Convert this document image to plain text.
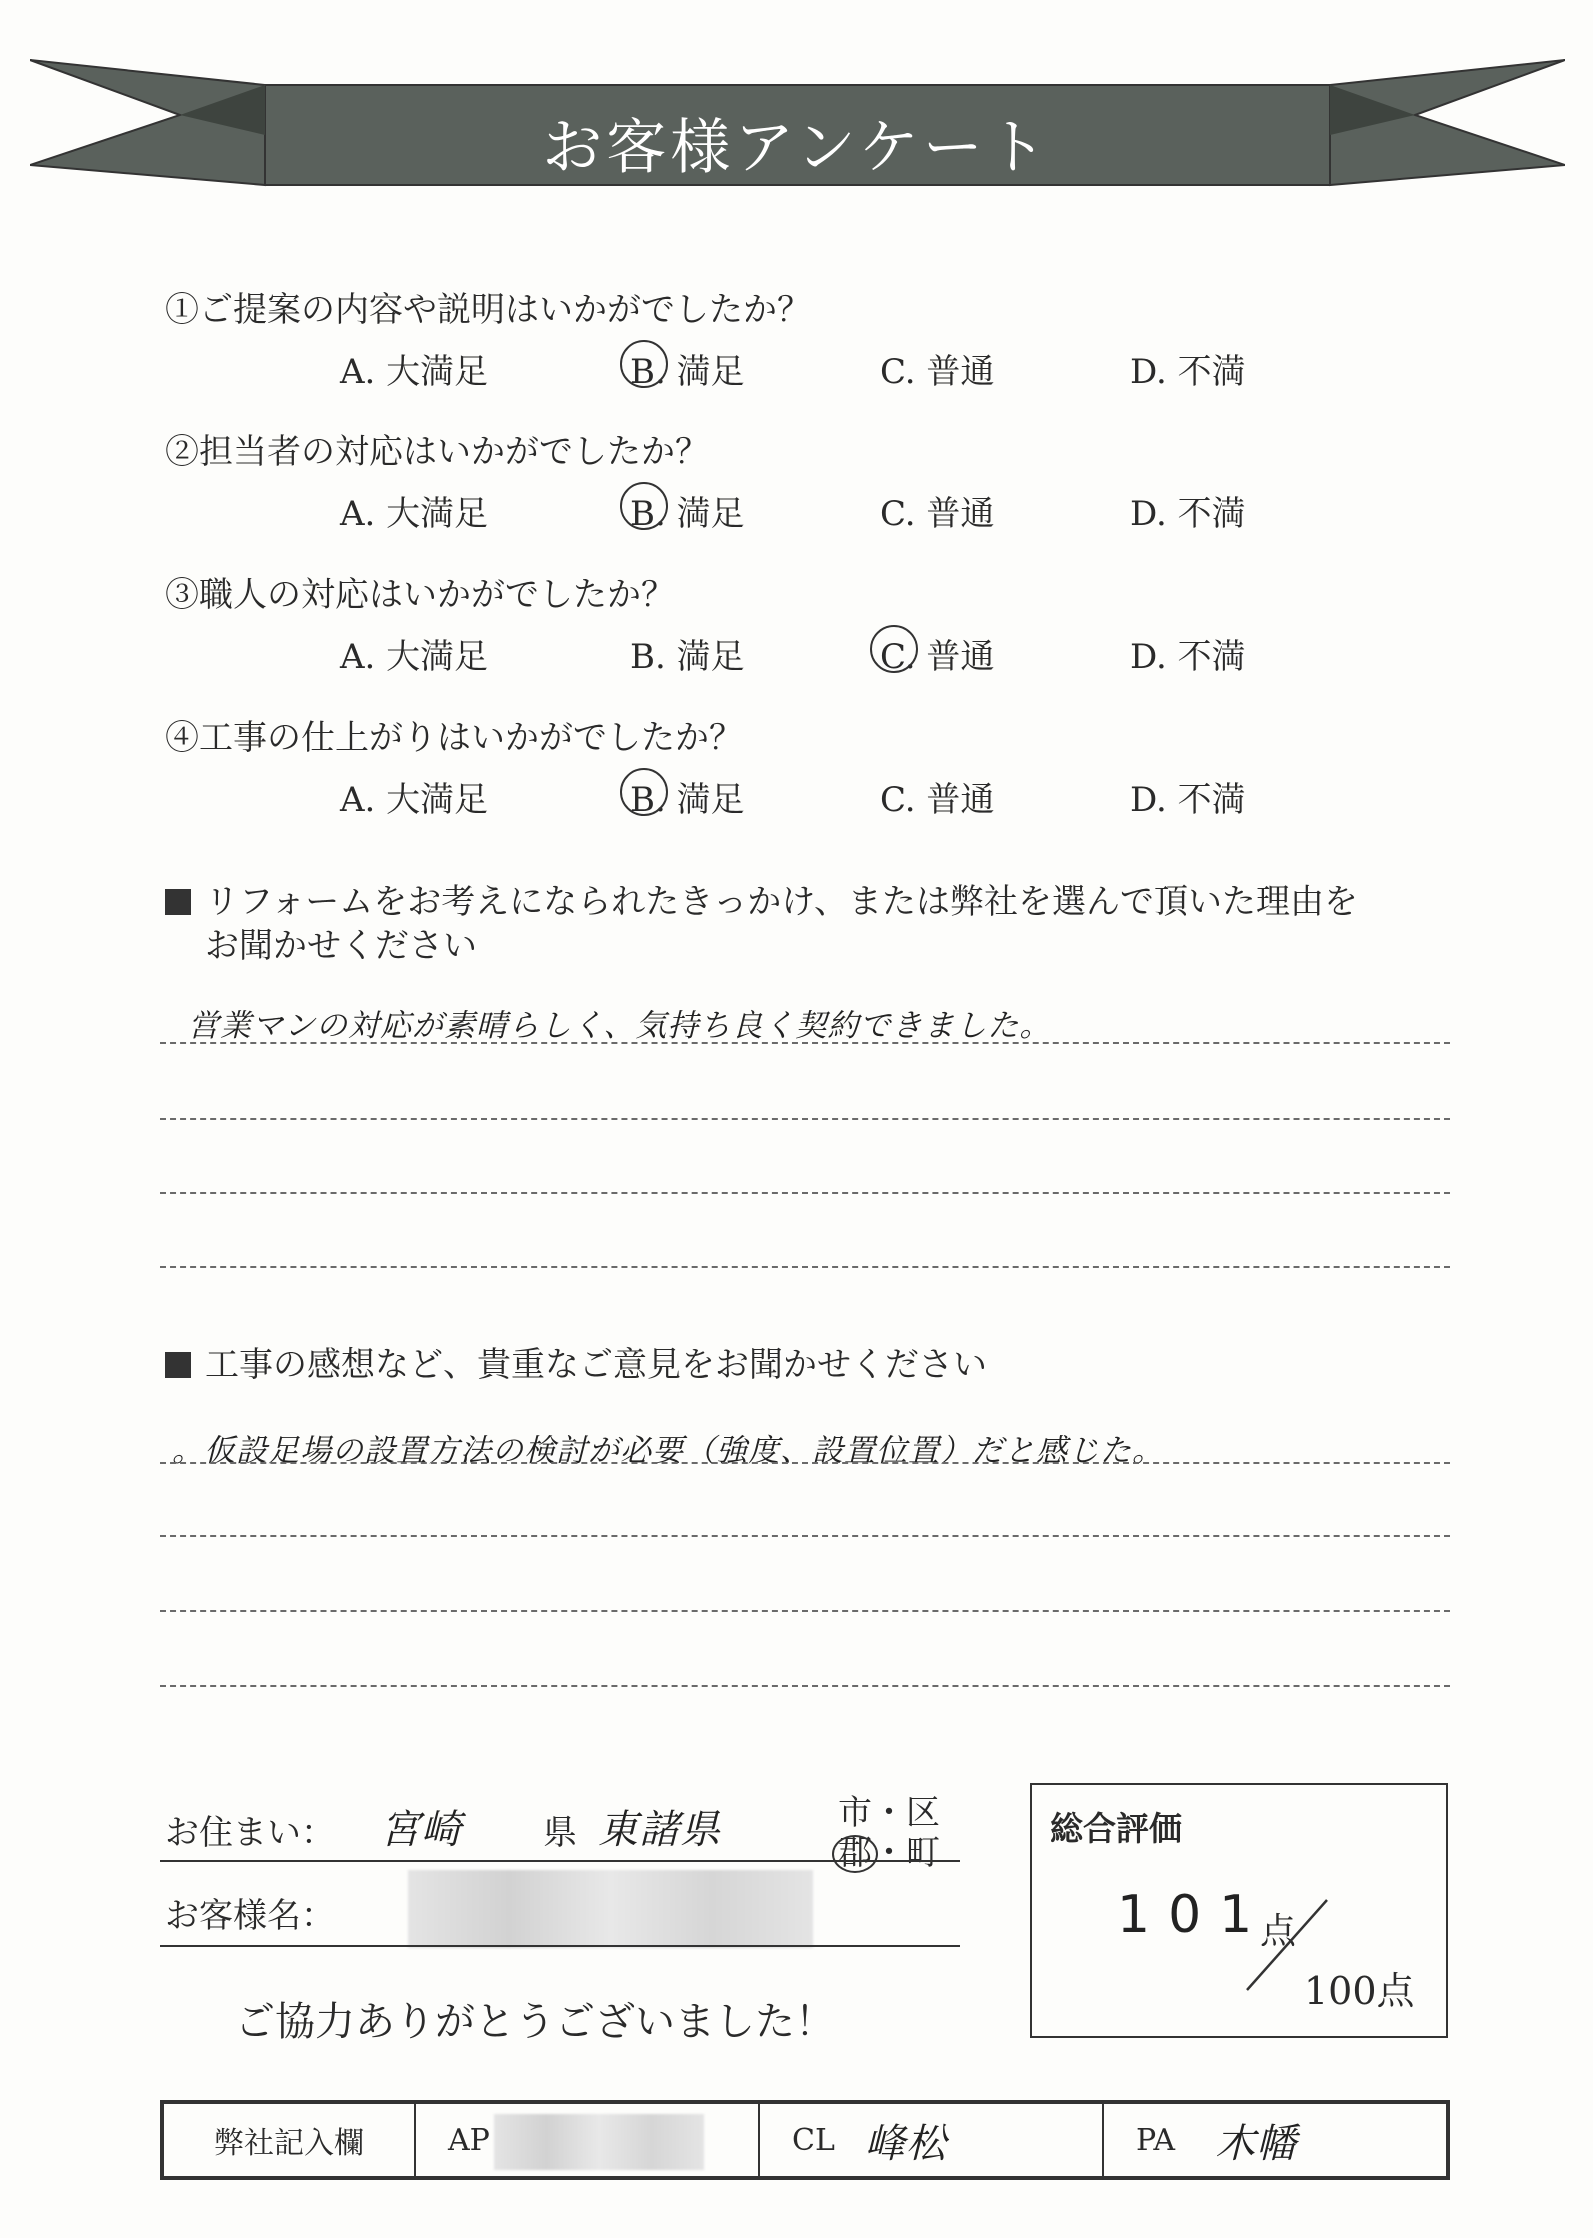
お客様アンケート
①ご提案の内容や説明はいかがでしたか？
A. 大満足	B. 満足	C. 普通	D. 不満
②担当者の対応はいかがでしたか？
A. 大満足	B. 満足	C. 普通	D. 不満
③職人の対応はいかがでしたか？
A. 大満足	B. 満足	C. 普通	D. 不満
④工事の仕上がりはいかがでしたか？
A. 大満足	B. 満足	C. 普通	D. 不満
リフォームをお考えになられたきっかけ、または弊社を選んで頂いた理由を
お聞かせください
営業マンの対応が素晴らしく、気持ち良く契約できました。
工事の感想など、貴重なご意見をお聞かせください
。仮設足場の設置方法の検討が必要（強度、設置位置）だと感じた。
お住まい： 宮崎 県 東諸県	市・区
郡
・町
お客様名：
ご協力ありがとうございました！
総合評価
101
点
100点
弊社記入欄	AP	CL 峰松	PA 木幡
